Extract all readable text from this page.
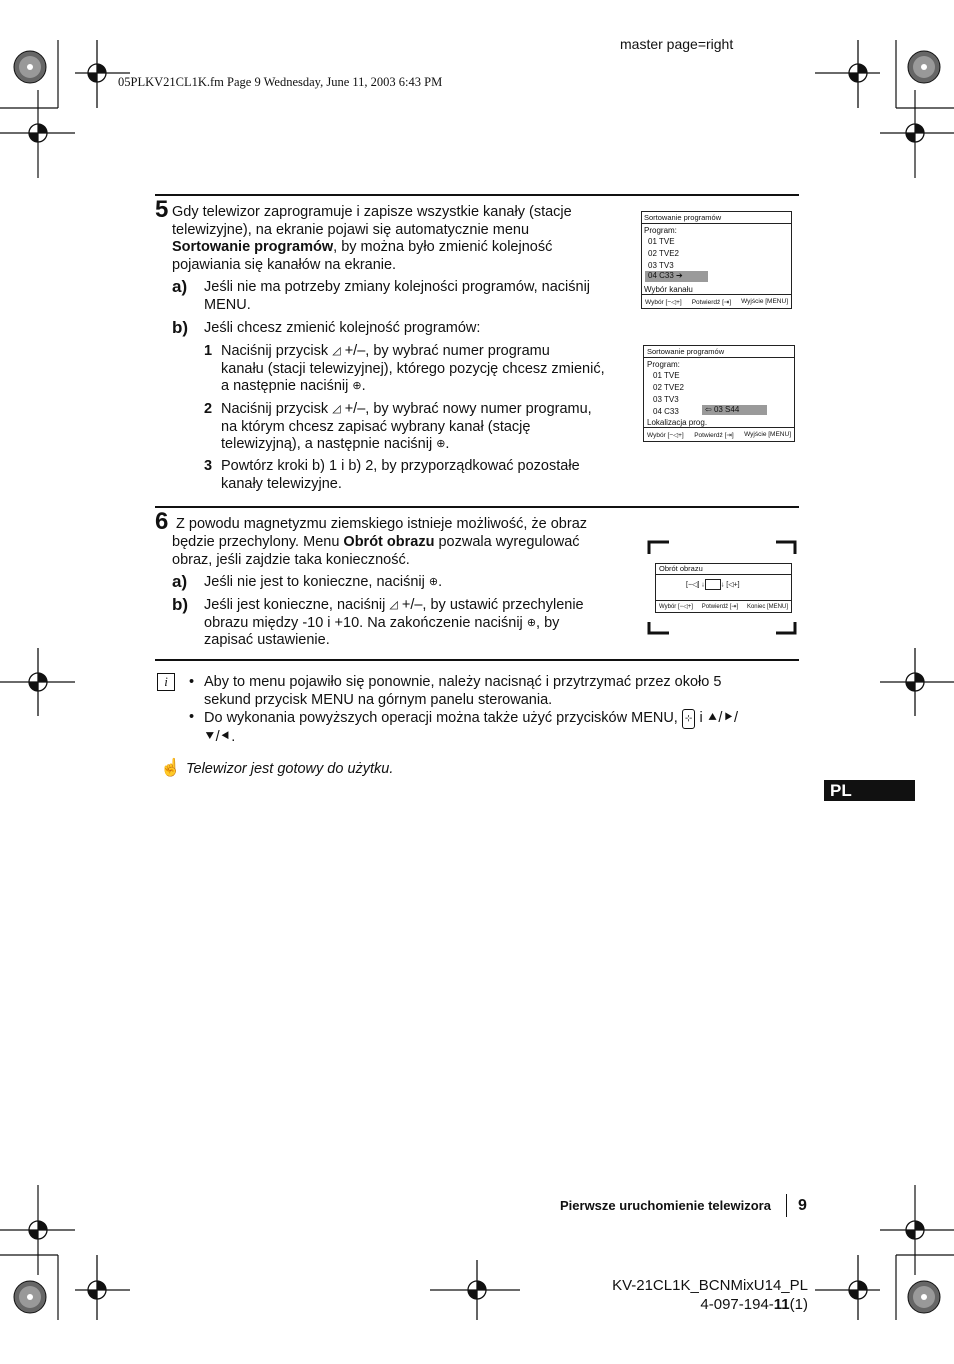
master page=right
05PLKV21CL1K.fm Page 9 Wednesday, June 11, 2003 6:43 PM
5 Gdy telewizor zaprogramuje i zapisze wszystkie kanały (stacje
telewizyjne), na ekranie pojawi się automatycznie menu
Sortowanie programów, by można było zmienić kolejność
pojawiania się kanałów na ekranie.
a) Jeśli nie ma potrzeby zmiany kolejności programów, naciśnij
MENU.
b) Jeśli chcesz zmienić kolejność programów:
1 Naciśnij przycisk ◿ +/–, by wybrać numer programu
kanału (stacji telewizyjnej), którego pozycję chcesz zmienić,
a następnie naciśnij ⊕.
2 Naciśnij przycisk ◿ +/–, by wybrać nowy numer programu,
na którym chcesz zapisać wybrany kanał (stację
telewizyjną), a następnie naciśnij ⊕.
3 Powtórz kroki b) 1 i b) 2, by przyporządkować pozostałe
kanały telewizyjne.
Sortowanie programów
Program:
01 TVE
02 TVE2
03 TV3
04 C33 ➔
Wybór kanału
Wybór [−◁+] Potwierdź [⇥] Wyjście [MENU]
Sortowanie programów
Program:
01 TVE
02 TVE2
03 TV3
04 C33	⇦ 03 S44
Lokalizacja prog.
Wybór [−◁+] Potwierdź [⇥] Wyjście [MENU]
6 Z powodu magnetyzmu ziemskiego istnieje możliwość, że obraz
będzie przechylony. Menu Obrót obrazu pozwala wyregulować
obraz, jeśli zajdzie taka konieczność.
a) Jeśli nie jest to konieczne, naciśnij ⊕.
b) Jeśli jest konieczne, naciśnij ◿ +/–, by ustawić przechylenie
obrazu między -10 i +10. Na zakończenie naciśnij ⊕, by
zapisać ustawienie.
Obrót obrazu
[−◁] ↓ ↓ [◁+]
Wybór [−◁+] Potwierdź [⇥] Koniec [MENU]
i	• Aby to menu pojawiło się ponownie, należy nacisnąć i przytrzymać przez około 5
sekund przycisk MENU na górnym panelu sterowania.
• Do wykonania powyższych operacji można także użyć przycisków MENU, ⊹ i ⯅/⯈/
⯆/⯇.
☝ Telewizor jest gotowy do użytku.
PL
Pierwsze uruchomienie telewizora 9
KV-21CL1K_BCNMixU14_PL
4-097-194-11(1)
